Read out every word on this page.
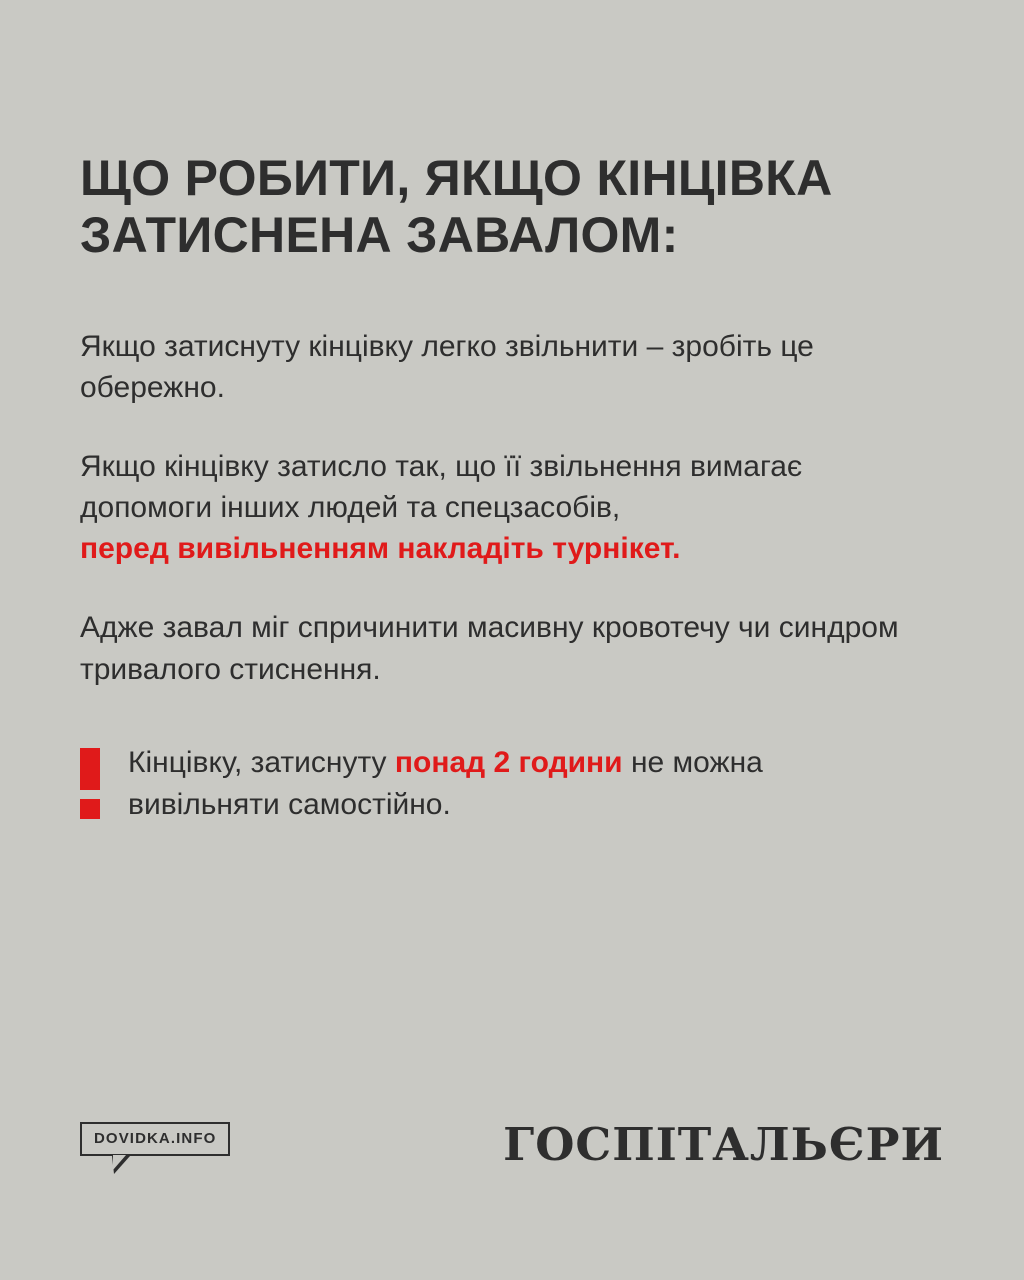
ЩО РОБИТИ, ЯКЩО КІНЦІВКА ЗАТИСНЕНА ЗАВАЛОМ:

Якщо затиснуту кінцівку легко звільнити – зробіть це обережно.

Якщо кінцівку затисло так, що її звільнення вимагає допомоги інших людей та спецзасобів,
перед вивільненням накладіть турнікет.

Адже завал міг спричинити масивну кровотечу чи синдром тривалого стиснення.

Кінцівку, затиснуту понад 2 години не можна вивільняти самостійно.
DOVIDKA.INFO	ГОСПІТАЛЬЄРИ
